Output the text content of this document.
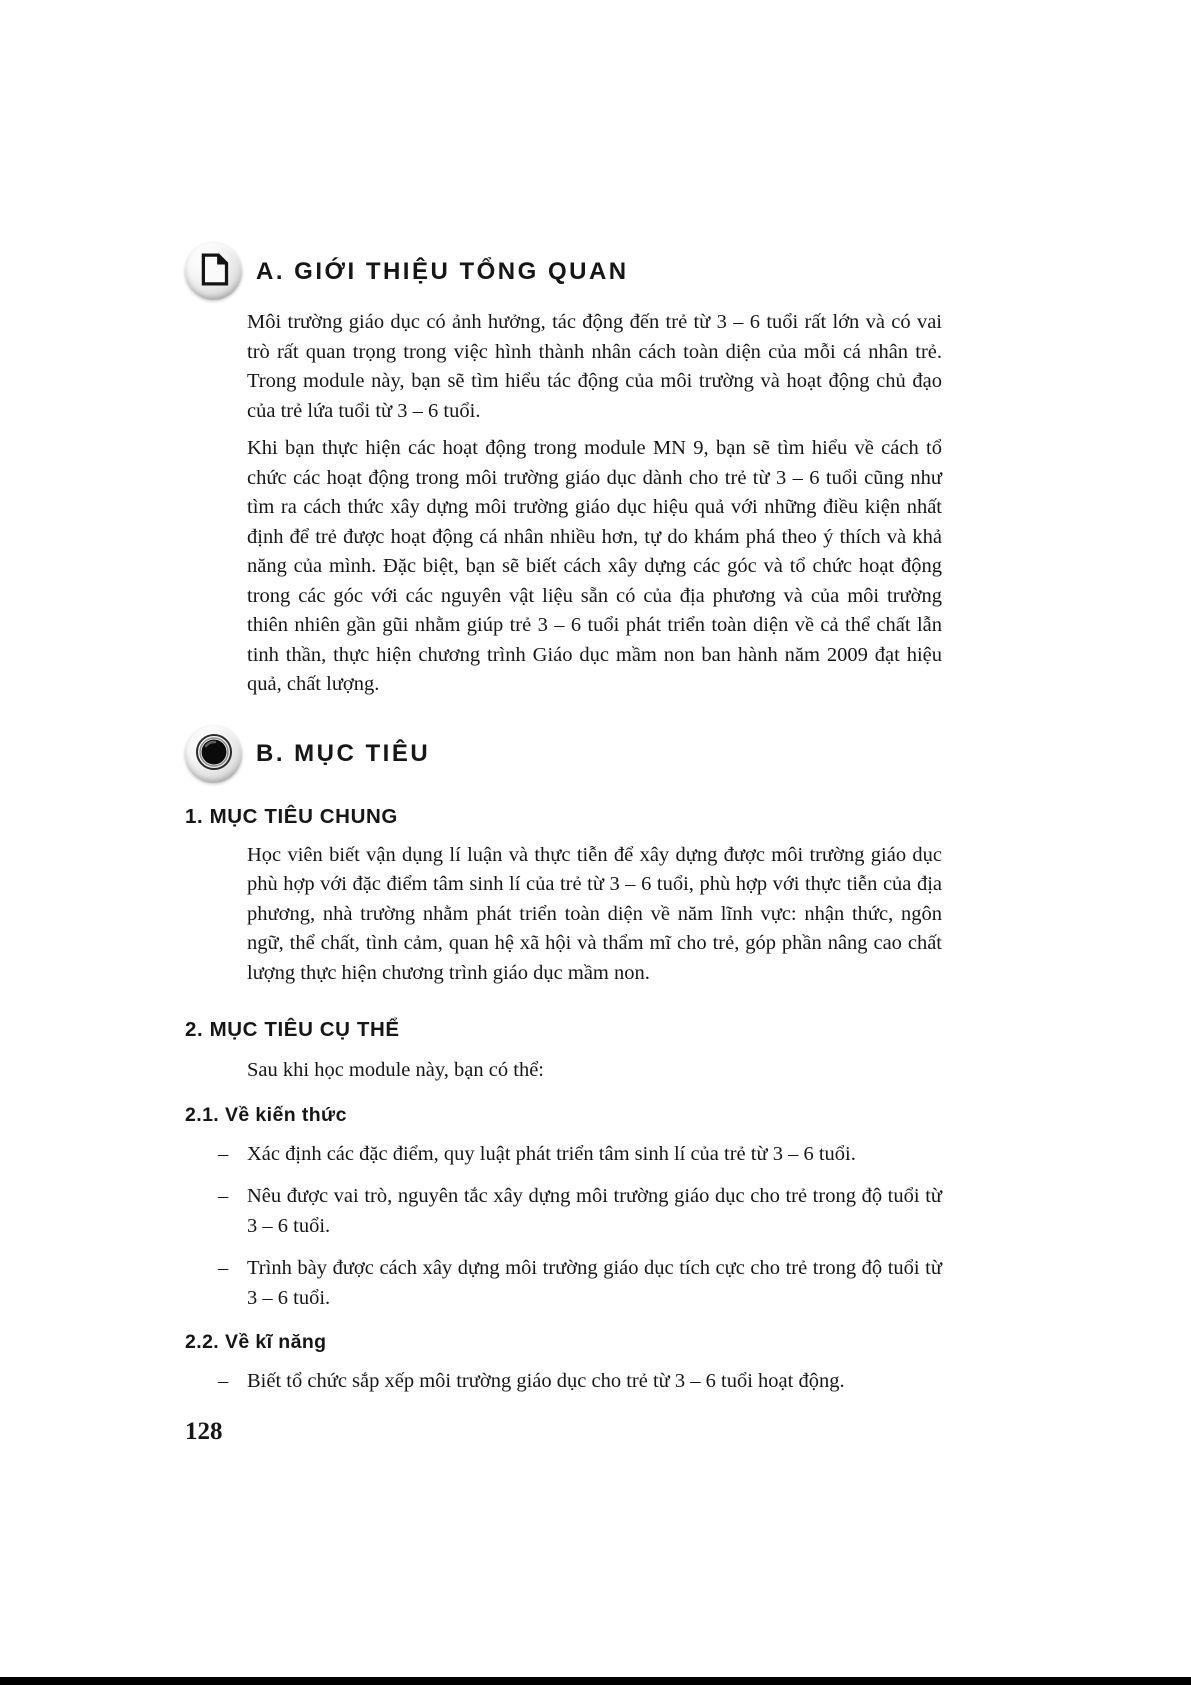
A. GIỚI THIỆU TỔNG QUAN

Môi trường giáo dục có ảnh hưởng, tác động đến trẻ từ 3 – 6 tuổi rất lớn và có vai trò rất quan trọng trong việc hình thành nhân cách toàn diện của mỗi cá nhân trẻ. Trong module này, bạn sẽ tìm hiểu tác động của môi trường và hoạt động chủ đạo của trẻ lứa tuổi từ 3 – 6 tuổi.

Khi bạn thực hiện các hoạt động trong module MN 9, bạn sẽ tìm hiểu về cách tổ chức các hoạt động trong môi trường giáo dục dành cho trẻ từ 3 – 6 tuổi cũng như tìm ra cách thức xây dựng môi trường giáo dục hiệu quả với những điều kiện nhất định để trẻ được hoạt động cá nhân nhiều hơn, tự do khám phá theo ý thích và khả năng của mình. Đặc biệt, bạn sẽ biết cách xây dựng các góc và tổ chức hoạt động trong các góc với các nguyên vật liệu sẵn có của địa phương và của môi trường thiên nhiên gần gũi nhằm giúp trẻ 3 – 6 tuổi phát triển toàn diện về cả thể chất lẫn tinh thần, thực hiện chương trình Giáo dục mầm non ban hành năm 2009 đạt hiệu quả, chất lượng.

B. MỤC TIÊU
1. MỤC TIÊU CHUNG

Học viên biết vận dụng lí luận và thực tiễn để xây dựng được môi trường giáo dục phù hợp với đặc điểm tâm sinh lí của trẻ từ 3 – 6 tuổi, phù hợp với thực tiễn của địa phương, nhà trường nhằm phát triển toàn diện về năm lĩnh vực: nhận thức, ngôn ngữ, thể chất, tình cảm, quan hệ xã hội và thẩm mĩ cho trẻ, góp phần nâng cao chất lượng thực hiện chương trình giáo dục mầm non.

2. MỤC TIÊU CỤ THỂ

Sau khi học module này, bạn có thể:

2.1. Về kiến thức
– Xác định các đặc điểm, quy luật phát triển tâm sinh lí của trẻ từ 3 – 6 tuổi.
– Nêu được vai trò, nguyên tắc xây dựng môi trường giáo dục cho trẻ trong độ tuổi từ 3 – 6 tuổi.
– Trình bày được cách xây dựng môi trường giáo dục tích cực cho trẻ trong độ tuổi từ 3 – 6 tuổi.
2.2. Về kĩ năng
– Biết tổ chức sắp xếp môi trường giáo dục cho trẻ từ 3 – 6 tuổi hoạt động.
128
